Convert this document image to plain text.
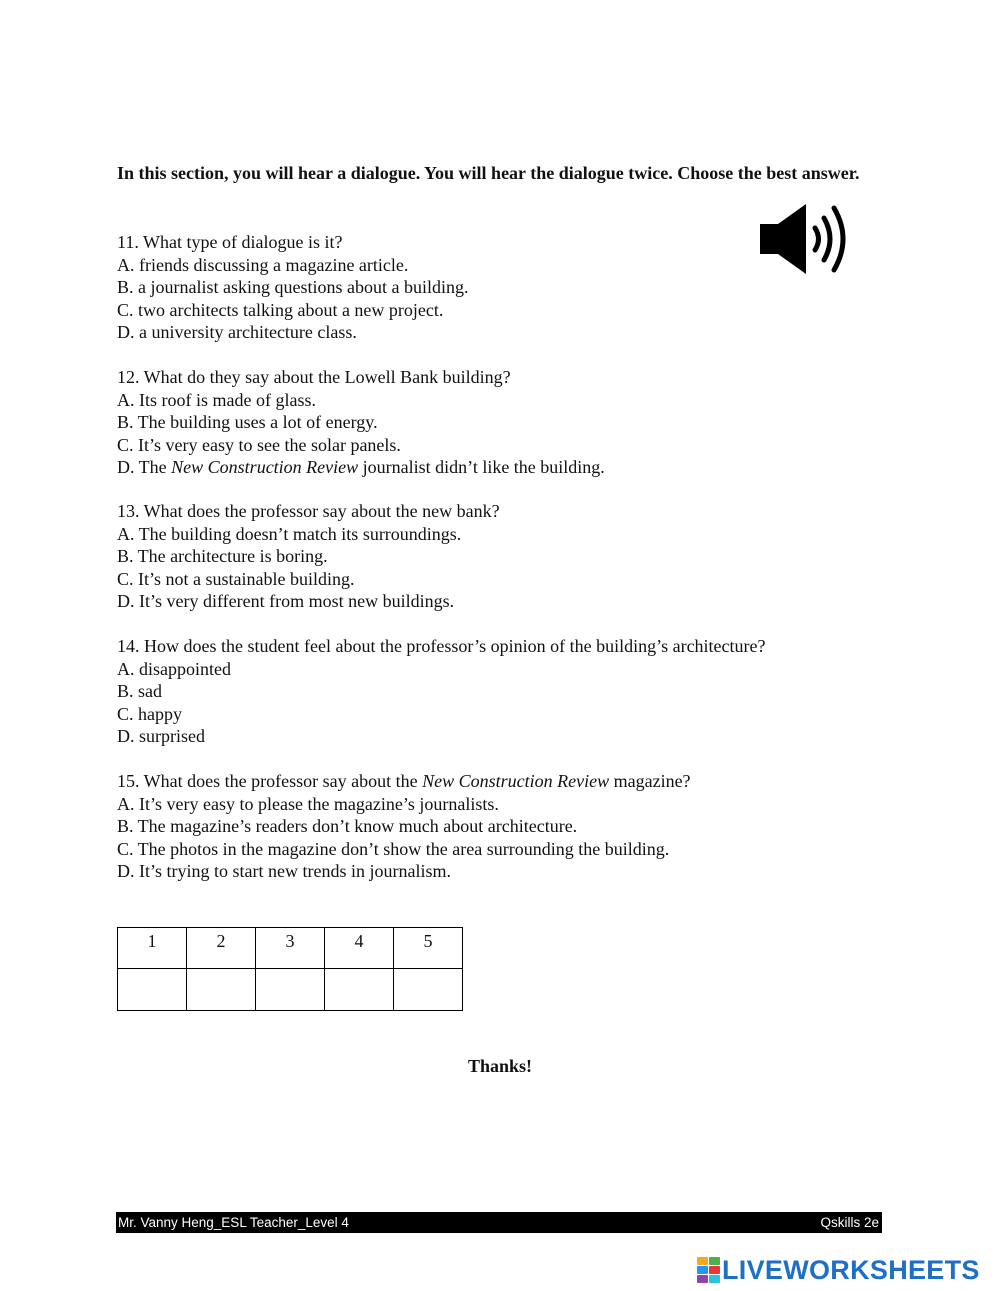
In this section, you will hear a dialogue. You will hear the dialogue twice. Choose the best answer.
11. What type of dialogue is it?
A. friends discussing a magazine article.
B. a journalist asking questions about a building.
C. two architects talking about a new project.
D. a university architecture class.
12. What do they say about the Lowell Bank building?
A. Its roof is made of glass.
B. The building uses a lot of energy.
C. It’s very easy to see the solar panels.
D. The New Construction Review journalist didn’t like the building.
13. What does the professor say about the new bank?
A. The building doesn’t match its surroundings.
B. The architecture is boring.
C. It’s not a sustainable building.
D. It’s very different from most new buildings.
14. How does the student feel about the professor’s opinion of the building’s architecture?
A. disappointed
B. sad
C. happy
D. surprised
15. What does the professor say about the New Construction Review magazine?
A. It’s very easy to please the magazine’s journalists.
B. The magazine’s readers don’t know much about architecture.
C. The photos in the magazine don’t show the area surrounding the building.
D. It’s trying to start new trends in journalism.
1	2	3	4	5

Thanks!
Mr. Vanny Heng_ESL Teacher_Level 4	Qskills 2e
LIVEWORKSHEETS
